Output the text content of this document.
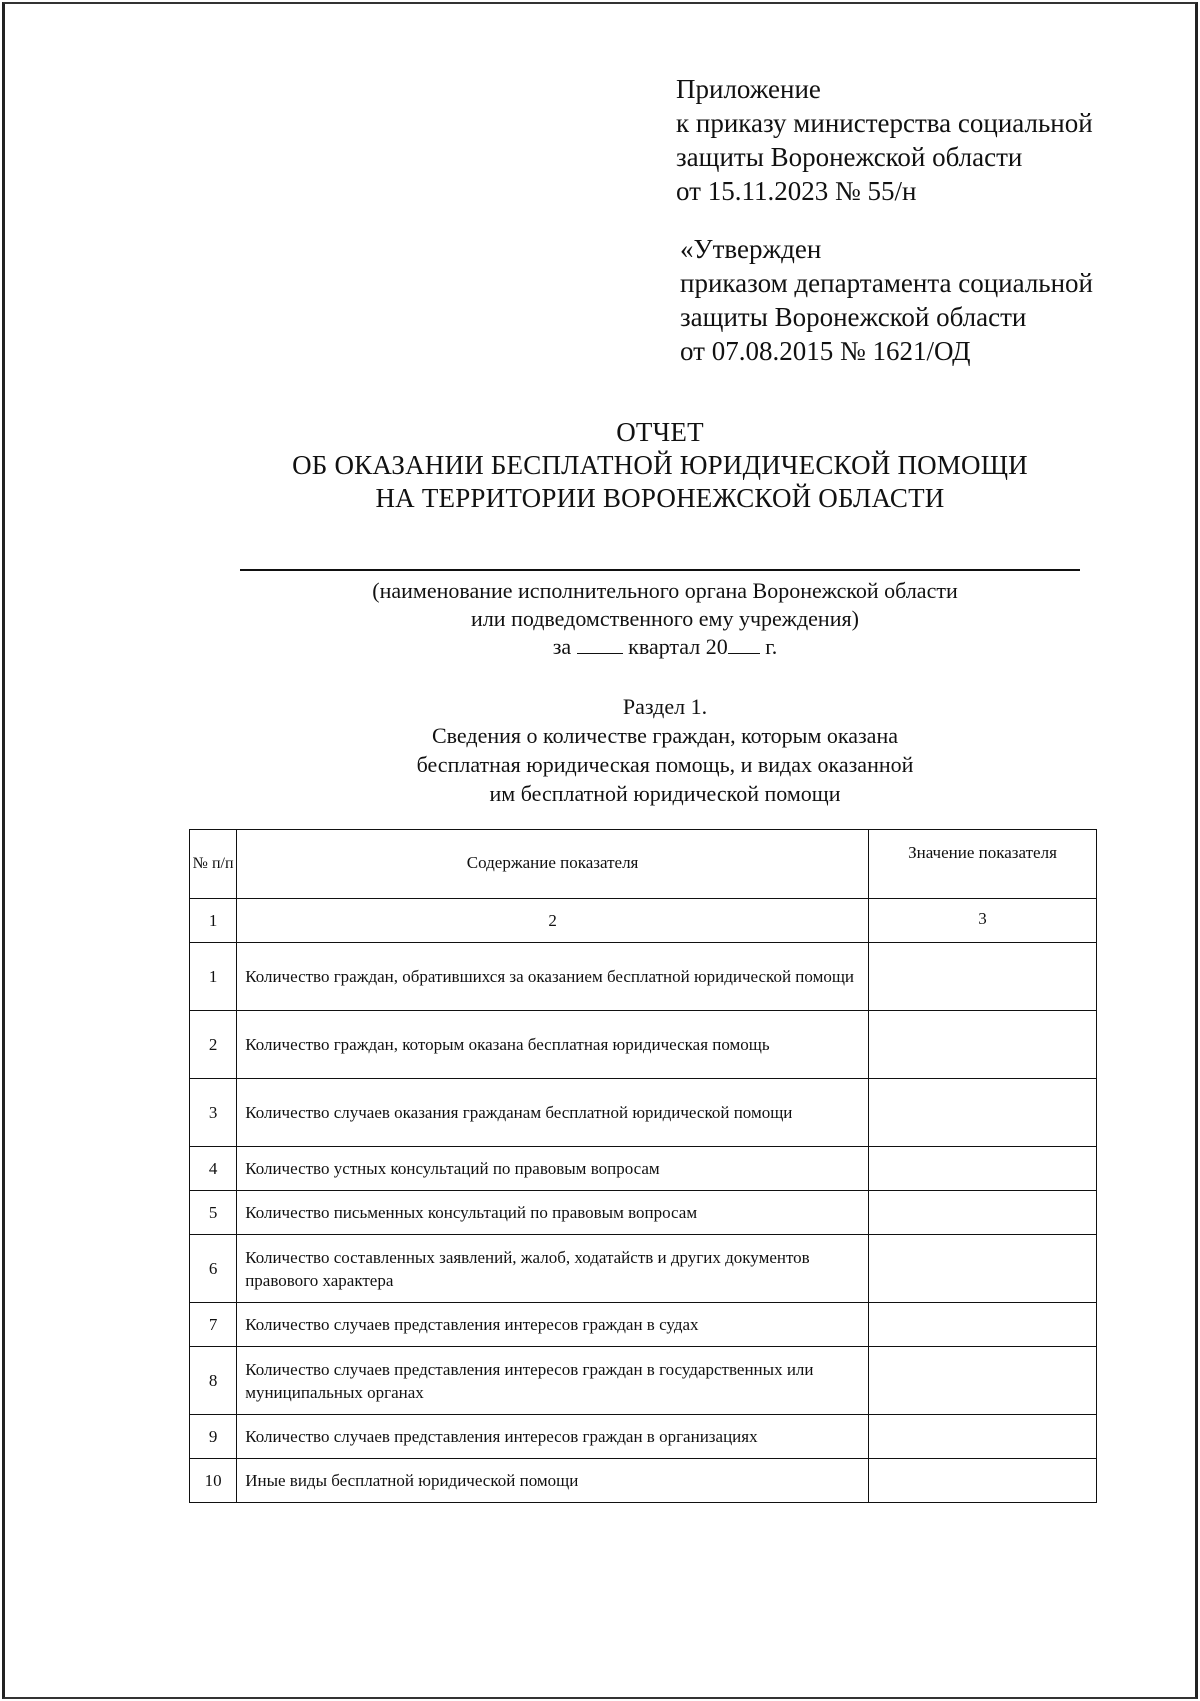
Приложение
к приказу министерства социальной
защиты Воронежской области
от 15.11.2023 № 55/н
«Утвержден
приказом департамента социальной
защиты Воронежской области
от 07.08.2015 № 1621/ОД
ОТЧЕТ
ОБ ОКАЗАНИИ БЕСПЛАТНОЙ ЮРИДИЧЕСКОЙ ПОМОЩИ
НА ТЕРРИТОРИИ ВОРОНЕЖСКОЙ ОБЛАСТИ
(наименование исполнительного органа Воронежской области
или подведомственного ему учреждения)
за	квартал 20 г.
Раздел 1.
Сведения о количестве граждан, которым оказана
бесплатная юридическая помощь, и видах оказанной
им бесплатной юридической помощи
№ п/п	Содержание показателя	Значение показателя
1	2	3
1	Количество граждан, обратившихся за оказанием бесплатной юридической помощи	
2	Количество граждан, которым оказана бесплатная юридическая помощь	
3	Количество случаев оказания гражданам бесплатной юридической помощи	
4	Количество устных консультаций по правовым вопросам	
5	Количество письменных консультаций по правовым вопросам	
6	Количество составленных заявлений, жалоб, ходатайств и других документов правового характера	
7	Количество случаев представления интересов граждан в судах	
8	Количество случаев представления интересов граждан в государственных или муниципальных органах	
9	Количество случаев представления интересов граждан в организациях	
10	Иные виды бесплатной юридической помощи	
